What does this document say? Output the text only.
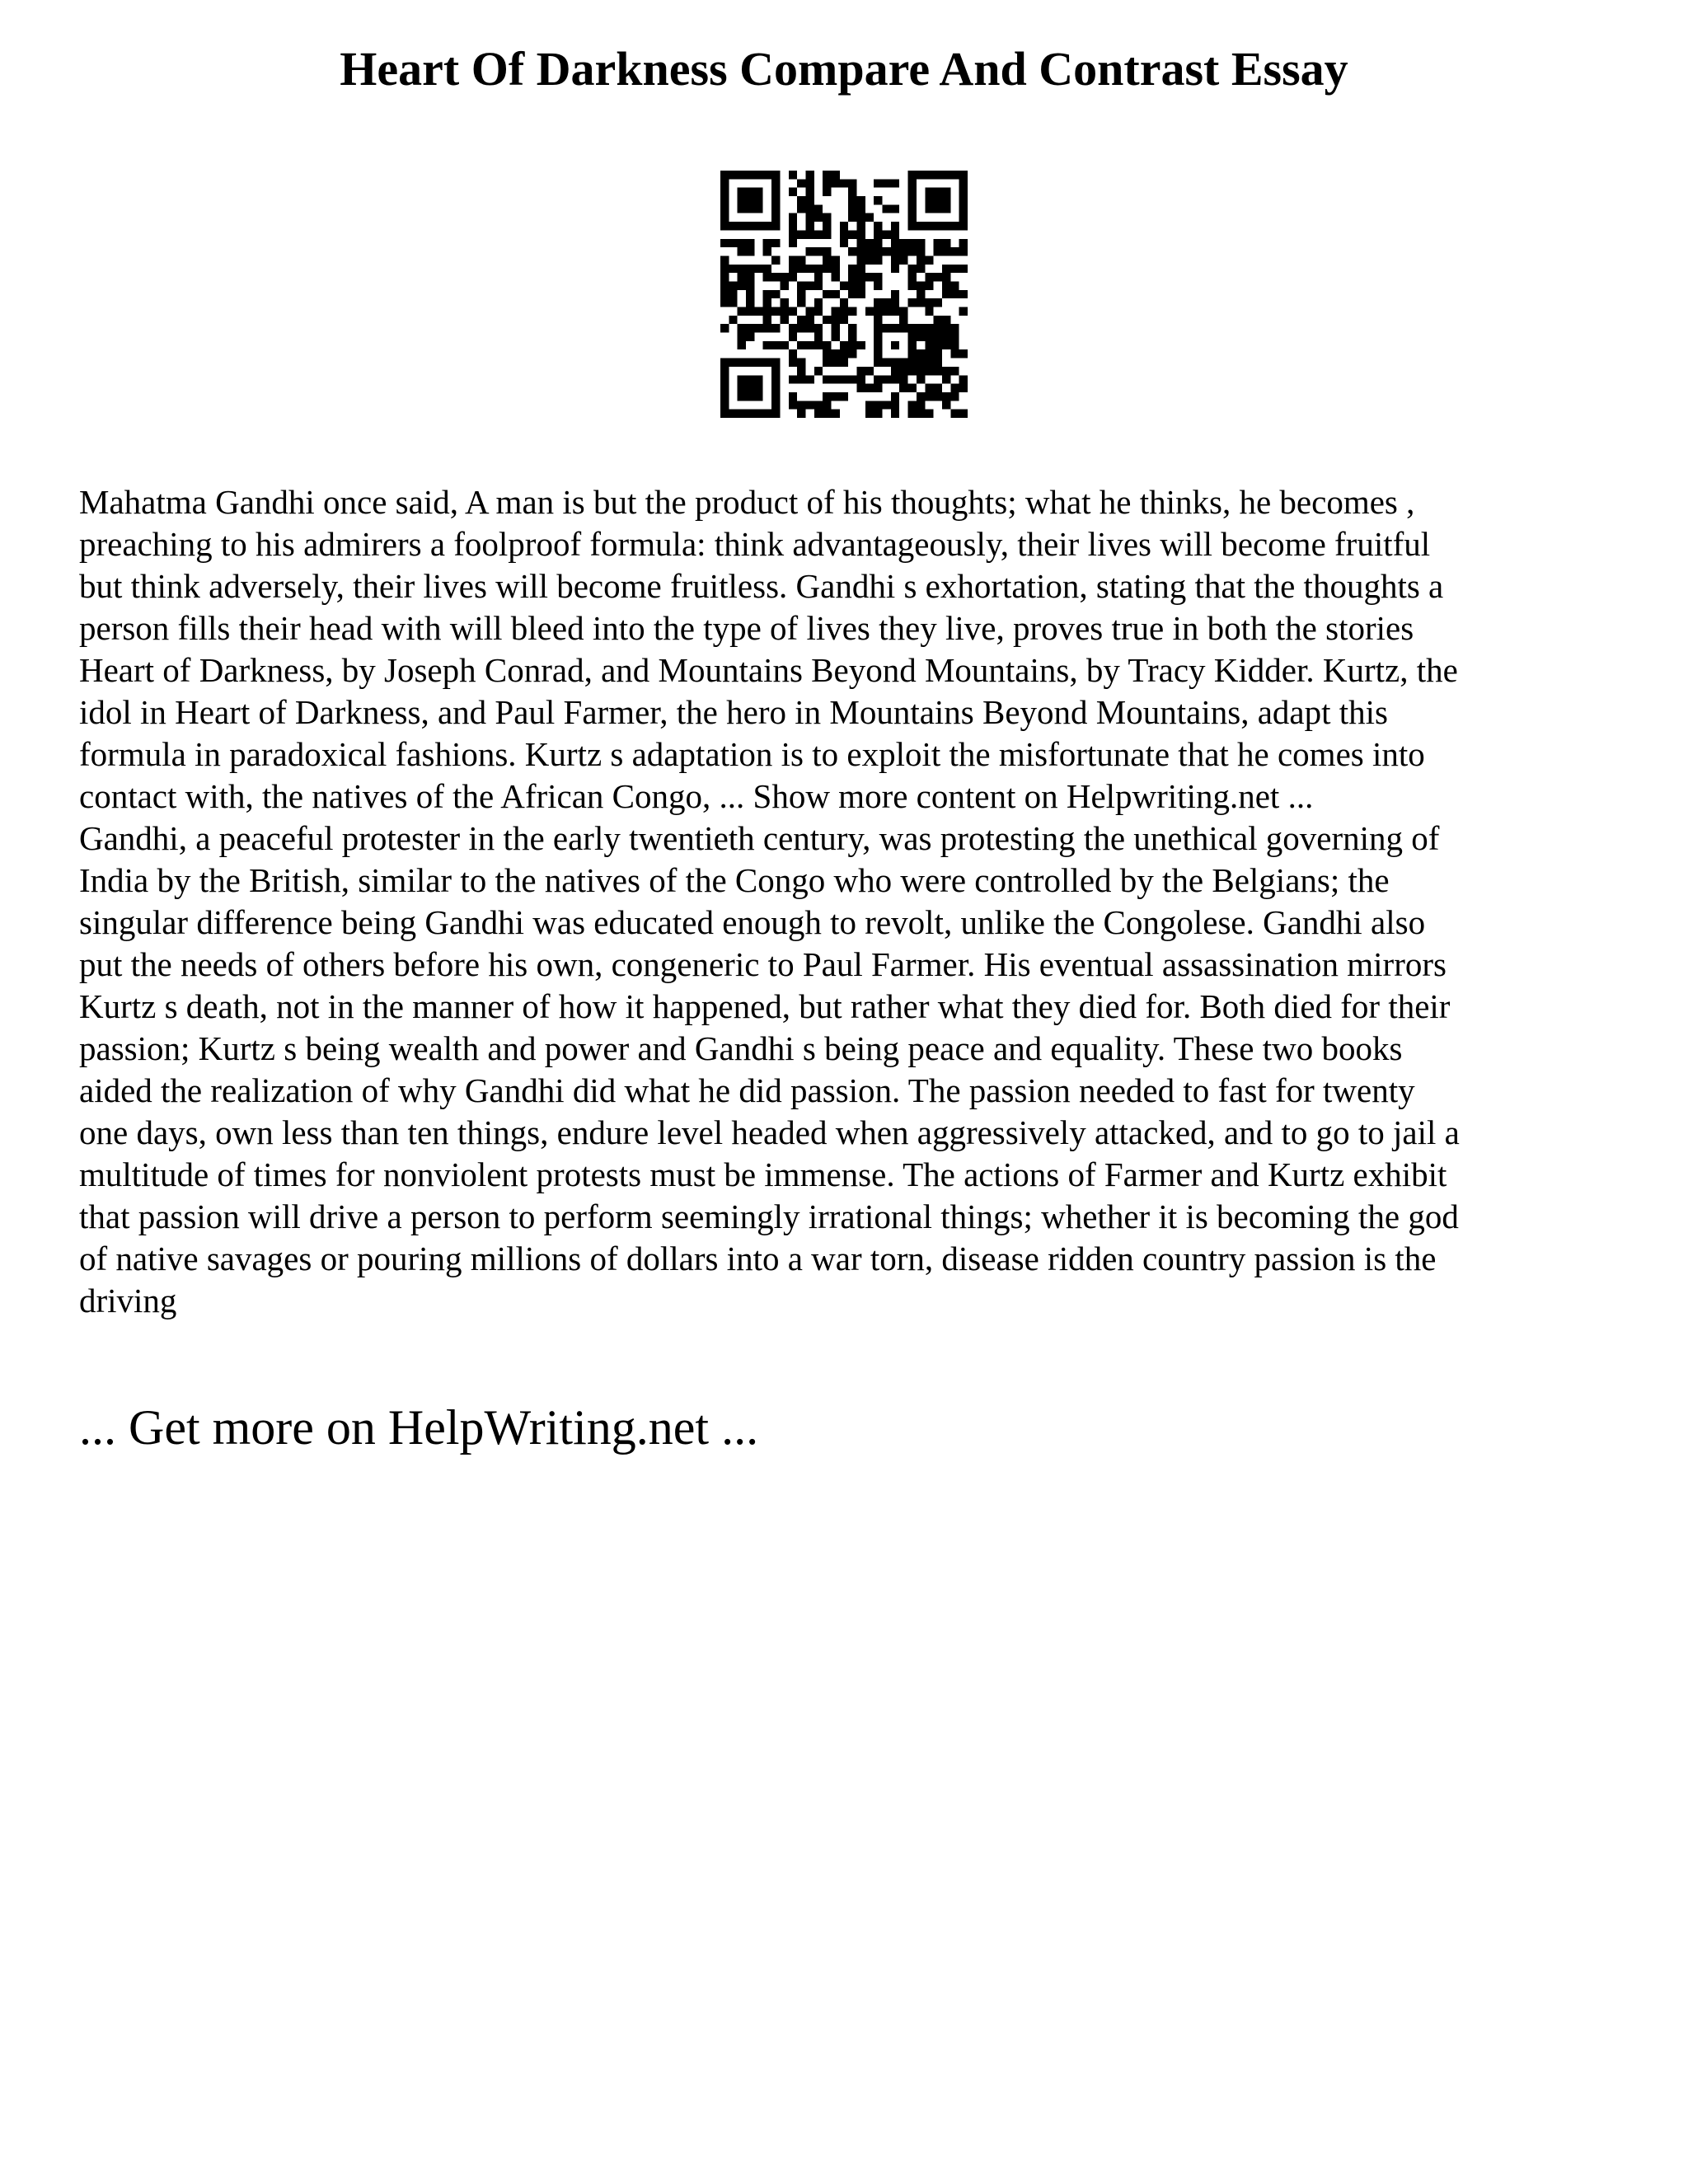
Heart Of Darkness Compare And Contrast Essay
Mahatma Gandhi once said, A man is but the product of his thoughts; what he thinks, he becomes ,
preaching to his admirers a foolproof formula: think advantageously, their lives will become fruitful
but think adversely, their lives will become fruitless. Gandhi s exhortation, stating that the thoughts a
person fills their head with will bleed into the type of lives they live, proves true in both the stories
Heart of Darkness, by Joseph Conrad, and Mountains Beyond Mountains, by Tracy Kidder. Kurtz, the
idol in Heart of Darkness, and Paul Farmer, the hero in Mountains Beyond Mountains, adapt this
formula in paradoxical fashions. Kurtz s adaptation is to exploit the misfortunate that he comes into
contact with, the natives of the African Congo, ... Show more content on Helpwriting.net ...
Gandhi, a peaceful protester in the early twentieth century, was protesting the unethical governing of
India by the British, similar to the natives of the Congo who were controlled by the Belgians; the
singular difference being Gandhi was educated enough to revolt, unlike the Congolese. Gandhi also
put the needs of others before his own, congeneric to Paul Farmer. His eventual assassination mirrors
Kurtz s death, not in the manner of how it happened, but rather what they died for. Both died for their
passion; Kurtz s being wealth and power and Gandhi s being peace and equality. These two books
aided the realization of why Gandhi did what he did passion. The passion needed to fast for twenty
one days, own less than ten things, endure level headed when aggressively attacked, and to go to jail a
multitude of times for nonviolent protests must be immense. The actions of Farmer and Kurtz exhibit
that passion will drive a person to perform seemingly irrational things; whether it is becoming the god
of native savages or pouring millions of dollars into a war torn, disease ridden country passion is the
driving
... Get more on HelpWriting.net ...
